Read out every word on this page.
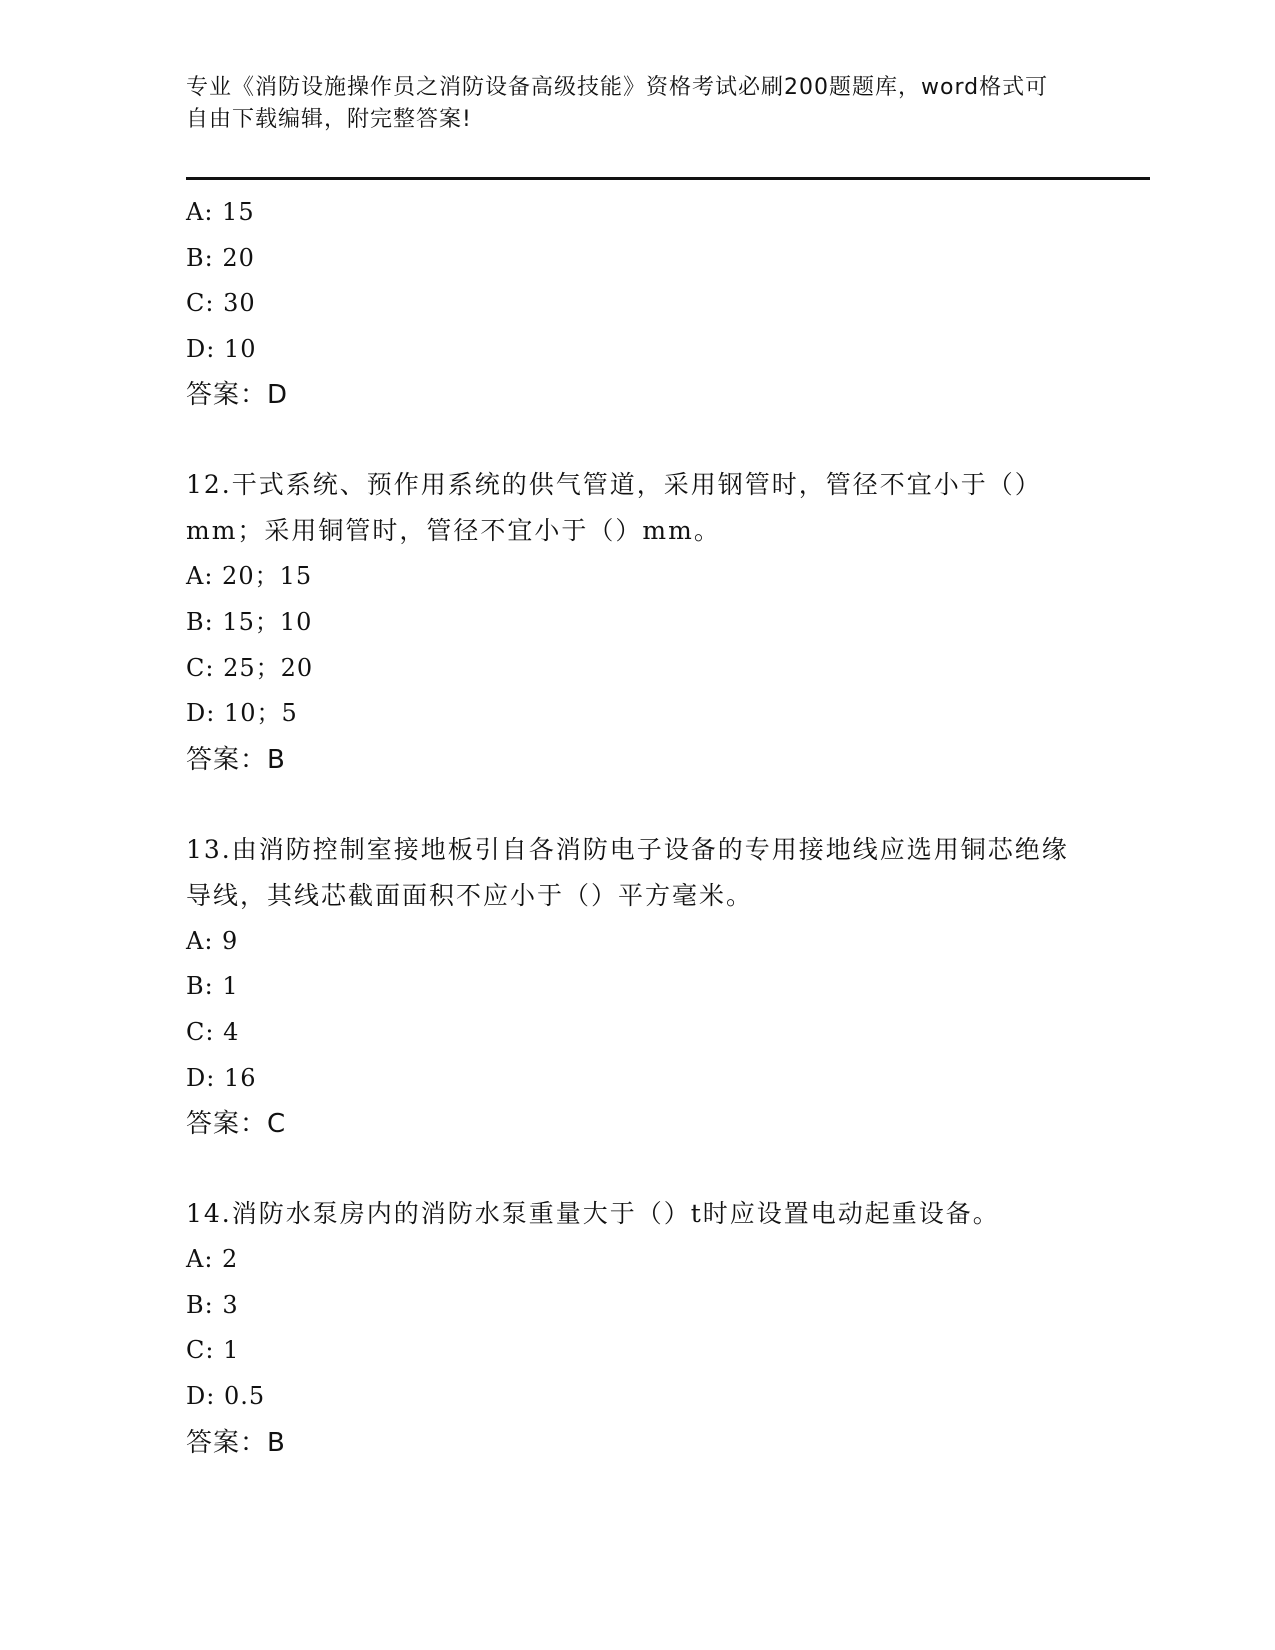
专业《消防设施操作员之消防设备高级技能》资格考试必刷200题题库，word格式可自由下载编辑，附完整答案!
A: 15
B: 20
C: 30
D: 10
答案：D
12.干式系统、预作用系统的供气管道，采用钢管时，管径不宜小于（）mm；采用铜管时，管径不宜小于（）mm。
A: 20；15
B: 15；10
C: 25；20
D: 10；5
答案：B
13.由消防控制室接地板引自各消防电子设备的专用接地线应选用铜芯绝缘导线，其线芯截面面积不应小于（）平方毫米。
A: 9
B: 1
C: 4
D: 16
答案：C
14.消防水泵房内的消防水泵重量大于（）t时应设置电动起重设备。
A: 2
B: 3
C: 1
D: 0.5
答案：B
